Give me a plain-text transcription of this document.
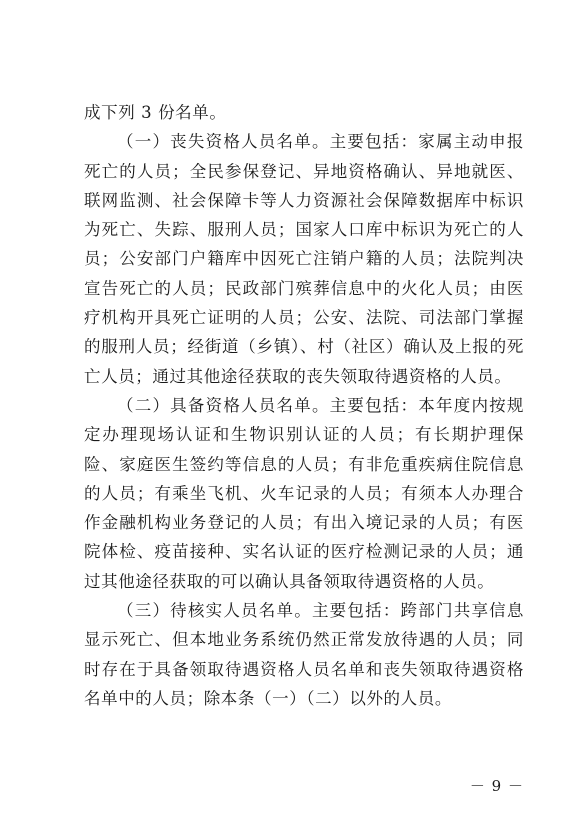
成下列 3 份名单。

（一）丧失资格人员名单。主要包括：家属主动申报死亡的人员；全民参保登记、异地资格确认、异地就医、联网监测、社会保障卡等人力资源社会保障数据库中标识为死亡、失踪、服刑人员；国家人口库中标识为死亡的人员；公安部门户籍库中因死亡注销户籍的人员；法院判决宣告死亡的人员；民政部门殡葬信息中的火化人员；由医疗机构开具死亡证明的人员；公安、法院、司法部门掌握的服刑人员；经街道（乡镇）、村（社区）确认及上报的死亡人员；通过其他途径获取的丧失领取待遇资格的人员。

（二）具备资格人员名单。主要包括：本年度内按规定办理现场认证和生物识别认证的人员；有长期护理保险、家庭医生签约等信息的人员；有非危重疾病住院信息的人员；有乘坐飞机、火车记录的人员；有须本人办理合作金融机构业务登记的人员；有出入境记录的人员；有医院体检、疫苗接种、实名认证的医疗检测记录的人员；通过其他途径获取的可以确认具备领取待遇资格的人员。

（三）待核实人员名单。主要包括：跨部门共享信息显示死亡、但本地业务系统仍然正常发放待遇的人员；同时存在于具备领取待遇资格人员名单和丧失领取待遇资格名单中的人员；除本条（一）（二）以外的人员。

－ 9 －
